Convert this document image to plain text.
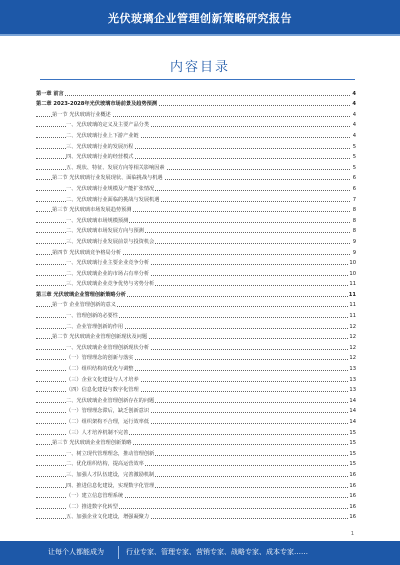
光伏玻璃企业管理创新策略研究报告
内容目录
第一章 前言	4
第二章 2023-2028年光伏玻璃市场前景及趋势预测	4
第一节 光伏玻璃行业概述	4
一、光伏玻璃的定义及主要产品分类	4
二、光伏玻璃行业上下游产业链	4
三、光伏玻璃行业的发展历程	5
四、光伏玻璃行业的经营模式	5
五、现状、特征、发展方向等相关影响因素	5
第二节 光伏玻璃行业发展现状、面临挑战与机遇	6
一、光伏玻璃行业规模及产能扩张情况	6
二、光伏玻璃行业面临的挑战与发展机遇	7
第三节 光伏玻璃市场发展趋势预测	8
一、光伏玻璃市场规模预测	8
二、光伏玻璃市场发展方向与预测	8
三、光伏玻璃行业发展前景与投资机会	9
第四节 光伏玻璃竞争格局分析	9
一、光伏玻璃行业主要企业竞争分析	10
二、光伏玻璃企业的市场占有率分析	10
三、光伏玻璃企业竞争优势与劣势分析	11
第三章 光伏玻璃企业管理创新策略分析	11
第一节 企业管理创新的意义	11
一、管理创新的必要性	11
二、企业管理创新的作用	12
第二节 光伏玻璃企业管理创新现状及问题	12
一、光伏玻璃企业管理创新现状分析	12
（一）管理理念的创新与落实	12
（二）组织结构的优化与调整	13
（三）企业文化建设与人才培养	13
（四）信息化建设与数字化管理	13
二、光伏玻璃企业管理创新存在的问题	14
（一）管理理念滞后，缺乏创新意识	14
（二）组织架构不合理，运行效率低	14
（三）人才培养机制不完善	15
第三节 光伏玻璃企业管理创新策略	15
一、树立现代管理理念，推动管理创新	15
二、优化组织结构，提高运营效率	15
三、加强人才队伍建设，完善激励机制	16
四、推进信息化建设，实现数字化管理	16
（一）建立信息管理系统	16
（二）推进数字化转型	16
五、加强企业文化建设，增强凝聚力	16
1
让每个人都能成为	行业专家、管理专家、营销专家、战略专家、成本专家……
